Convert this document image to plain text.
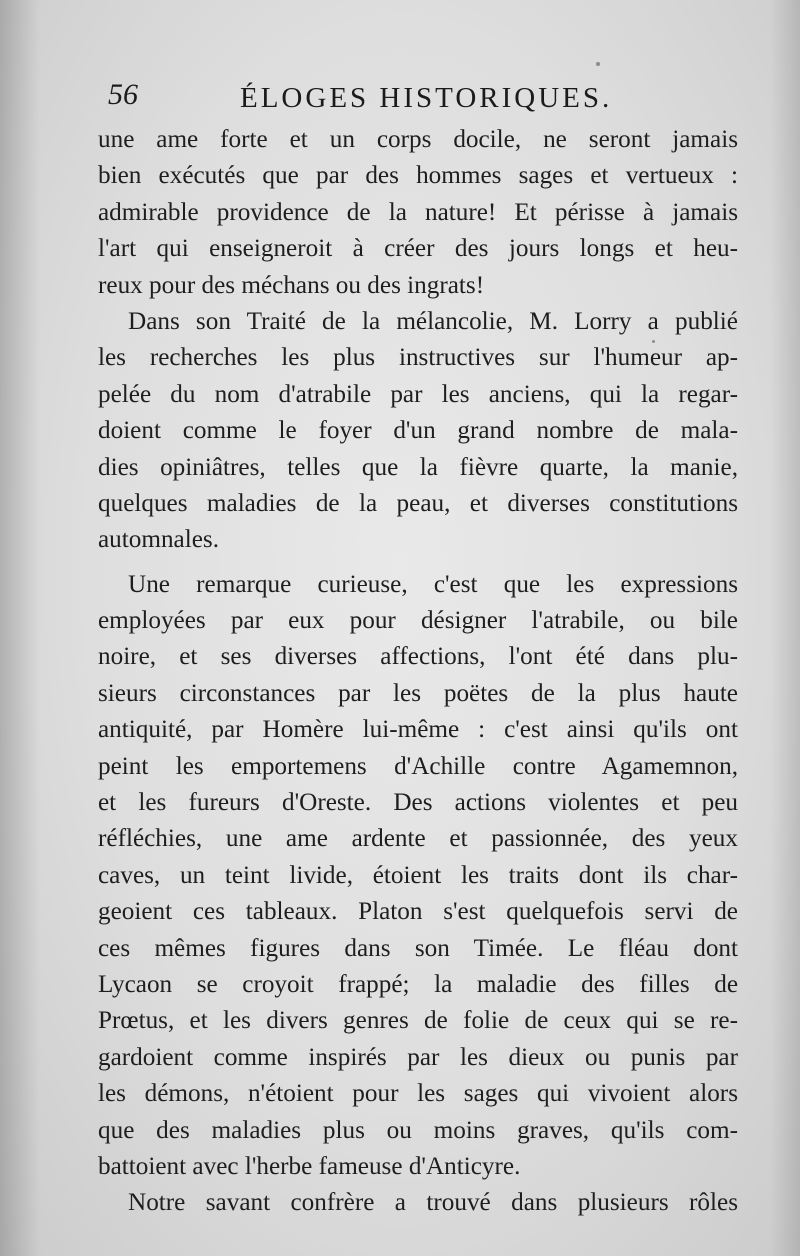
56	ÉLOGES HISTORIQUES.
une ame forte et un corps docile, ne seront jamais
bien exécutés que par des hommes sages et vertueux :
admirable providence de la nature! Et périsse à jamais
l'art qui enseigneroit à créer des jours longs et heu-
reux pour des méchans ou des ingrats!
Dans son Traité de la mélancolie, M. Lorry a publié
les recherches les plus instructives sur l'humeur ap-
pelée du nom d'atrabile par les anciens, qui la regar-
doient comme le foyer d'un grand nombre de mala-
dies opiniâtres, telles que la fièvre quarte, la manie,
quelques maladies de la peau, et diverses constitutions
automnales.
Une remarque curieuse, c'est que les expressions
employées par eux pour désigner l'atrabile, ou bile
noire, et ses diverses affections, l'ont été dans plu-
sieurs circonstances par les poëtes de la plus haute
antiquité, par Homère lui-même : c'est ainsi qu'ils ont
peint les emportemens d'Achille contre Agamemnon,
et les fureurs d'Oreste. Des actions violentes et peu
réfléchies, une ame ardente et passionnée, des yeux
caves, un teint livide, étoient les traits dont ils char-
geoient ces tableaux. Platon s'est quelquefois servi de
ces mêmes figures dans son Timée. Le fléau dont
Lycaon se croyoit frappé; la maladie des filles de
Prœtus, et les divers genres de folie de ceux qui se re-
gardoient comme inspirés par les dieux ou punis par
les démons, n'étoient pour les sages qui vivoient alors
que des maladies plus ou moins graves, qu'ils com-
battoient avec l'herbe fameuse d'Anticyre.
Notre savant confrère a trouvé dans plusieurs rôles
